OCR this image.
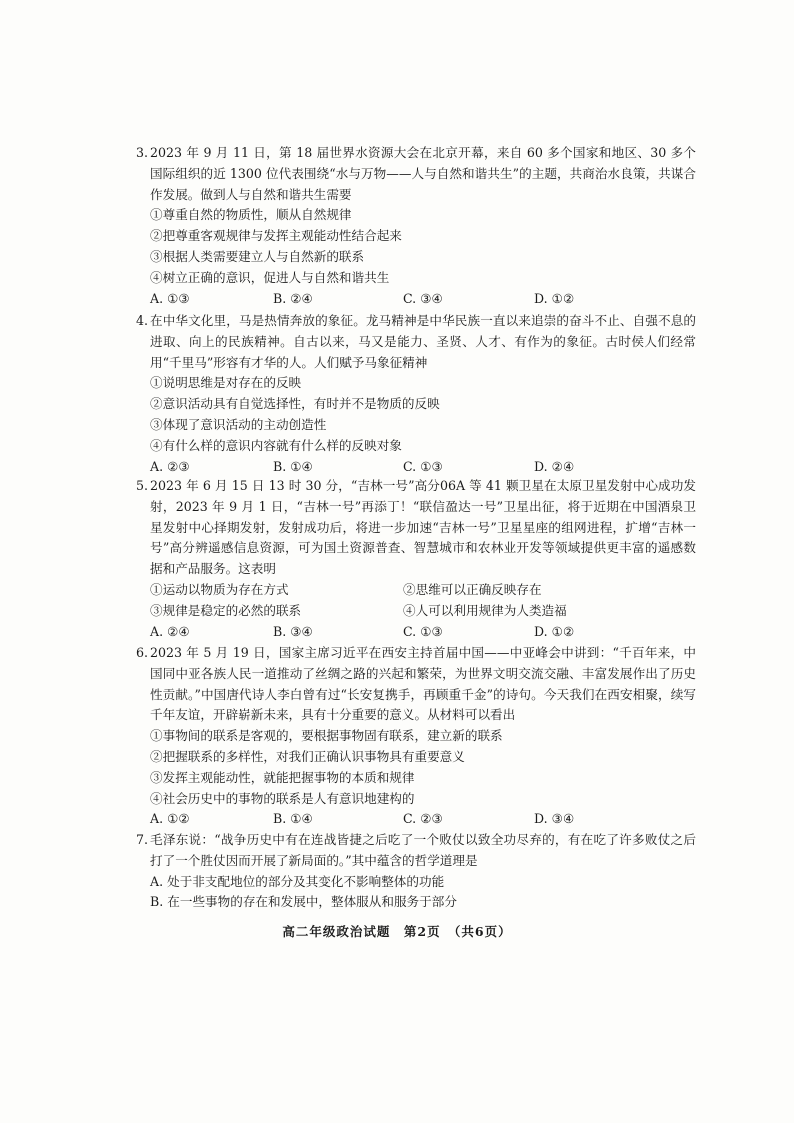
3. 2023 年 9 月 11 日，第 18 届世界水资源大会在北京开幕，来自 60 多个国家和地区、30 多个国际组织的近 1300 位代表围绕“水与万物——人与自然和谐共生”的主题，共商治水良策，共谋合作发展。做到人与自然和谐共生需要
①尊重自然的物质性，顺从自然规律
②把尊重客观规律与发挥主观能动性结合起来
③根据人类需要建立人与自然新的联系
④树立正确的意识，促进人与自然和谐共生
A. ①③	B. ②④	C. ③④	D. ①②
4. 在中华文化里，马是热情奔放的象征。龙马精神是中华民族一直以来追崇的奋斗不止、自强不息的进取、向上的民族精神。自古以来，马又是能力、圣贤、人才、有作为的象征。古时侯人们经常用“千里马”形容有才华的人。人们赋予马象征精神
①说明思维是对存在的反映
②意识活动具有自觉选择性，有时并不是物质的反映
③体现了意识活动的主动创造性
④有什么样的意识内容就有什么样的反映对象
A. ②③	B. ①④	C. ①③	D. ②④
5. 2023 年 6 月 15 日 13 时 30 分，“吉林一号”高分06A 等 41 颗卫星在太原卫星发射中心成功发射，2023 年 9 月 1 日，“吉林一号”再添丁！“联信盈达一号”卫星出征，将于近期在中国酒泉卫星发射中心择期发射，发射成功后，将进一步加速“吉林一号”卫星星座的组网进程，扩增“吉林一号”高分辨遥感信息资源，可为国土资源普查、智慧城市和农林业开发等领域提供更丰富的遥感数据和产品服务。这表明
①运动以物质为存在方式	②思维可以正确反映存在
③规律是稳定的必然的联系	④人可以利用规律为人类造福
A. ②④	B. ③④	C. ①③	D. ①②
6. 2023 年 5 月 19 日，国家主席习近平在西安主持首届中国——中亚峰会中讲到：“千百年来，中国同中亚各族人民一道推动了丝绸之路的兴起和繁荣，为世界文明交流交融、丰富发展作出了历史性贡献。”中国唐代诗人李白曾有过“长安复携手，再顾重千金”的诗句。今天我们在西安相聚，续写千年友谊，开辟崭新未来，具有十分重要的意义。从材料可以看出
①事物间的联系是客观的，要根据事物固有联系，建立新的联系
②把握联系的多样性，对我们正确认识事物具有重要意义
③发挥主观能动性，就能把握事物的本质和规律
④社会历史中的事物的联系是人有意识地建构的
A. ①②	B. ①④	C. ②③	D. ③④
7. 毛泽东说：“战争历史中有在连战皆捷之后吃了一个败仗以致全功尽弃的，有在吃了许多败仗之后打了一个胜仗因而开展了新局面的。”其中蕴含的哲学道理是
A. 处于非支配地位的部分及其变化不影响整体的功能
B. 在一些事物的存在和发展中，整体服从和服务于部分
高二年级政治试题　第2页　（共6页）
